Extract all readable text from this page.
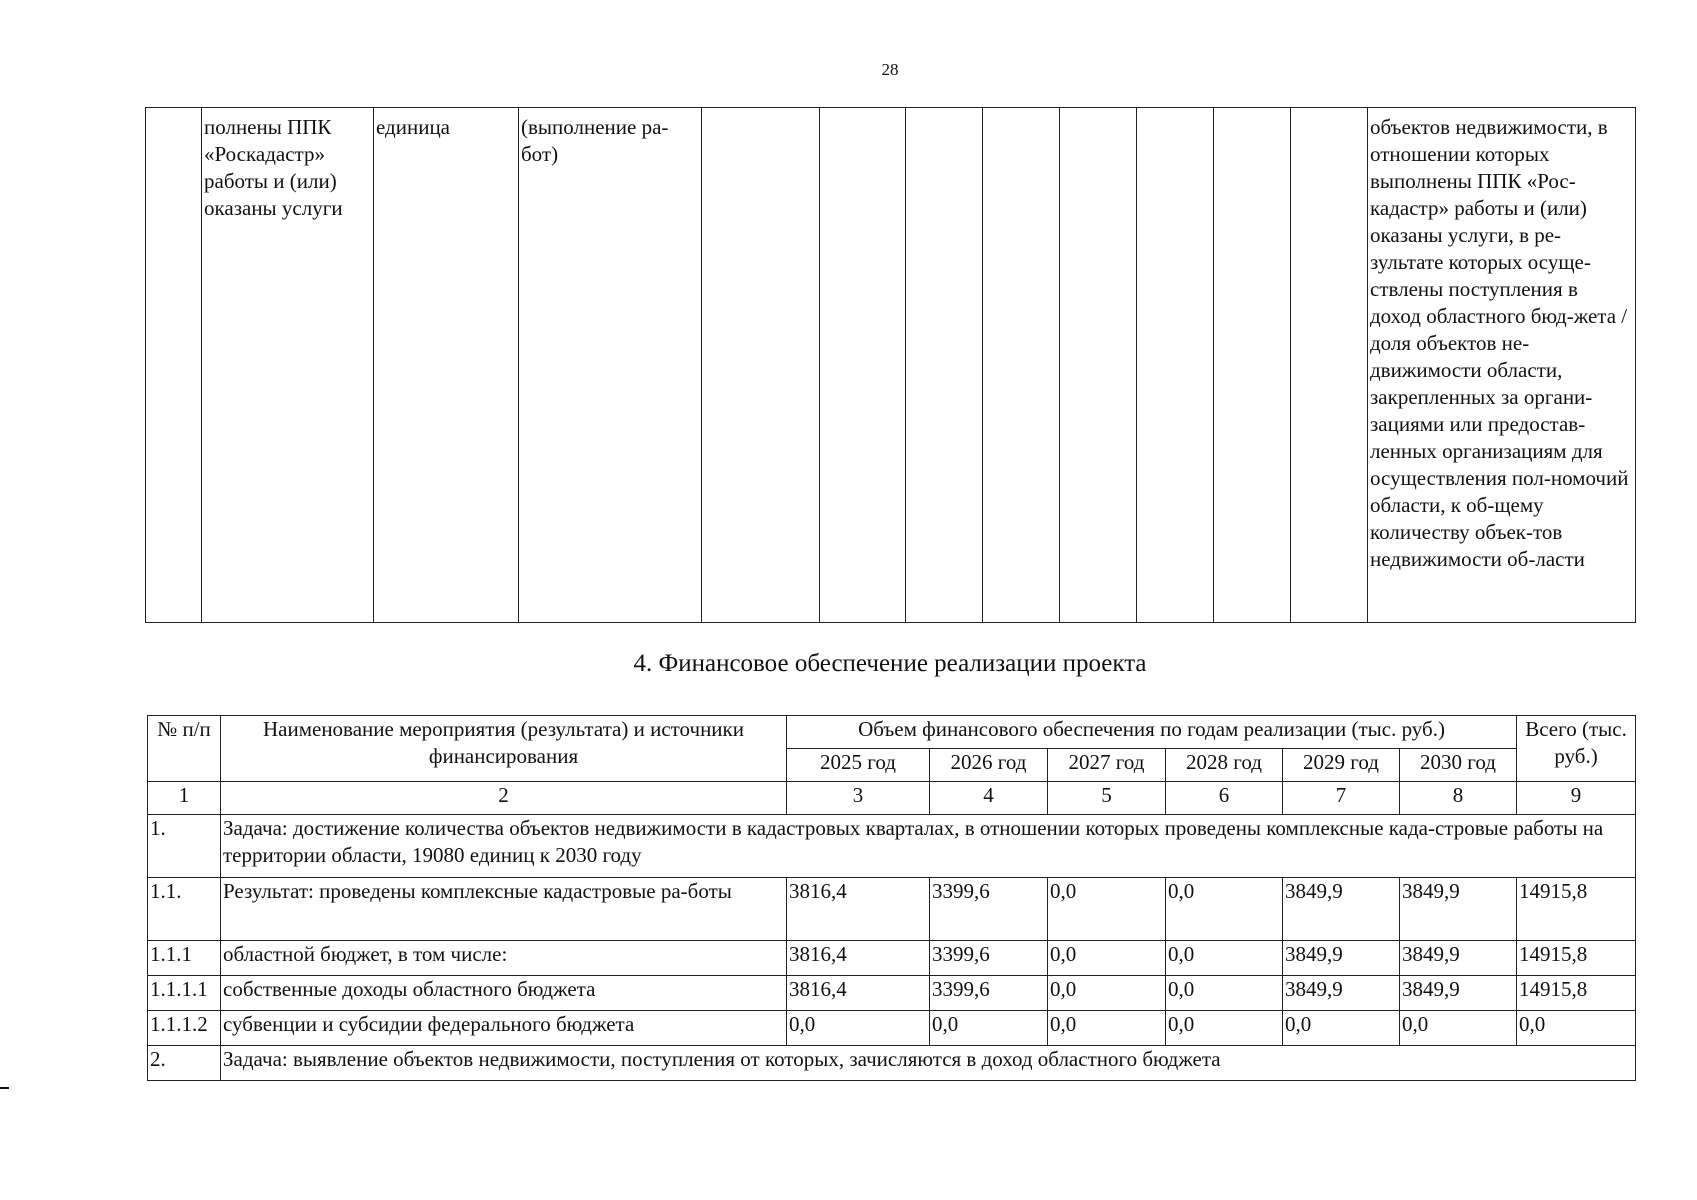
28
	полнены ППК «Роскадастр» работы и (или) оказаны услуги	единица	(выполнение ра-бот)									объектов недвижимости, в отношении которых выполнены ППК «Рос-кадастр» работы и (или) оказаны услуги, в ре-зультате которых осуще-ствлены поступления в доход областного бюд-жета / доля объектов не-движимости области, закрепленных за органи-зациями или предостав-ленных организациям для осуществления пол-номочий области, к об-щему количеству объек-тов недвижимости об-ласти
4. Финансовое обеспечение реализации проекта
№ п/п	Наименование мероприятия (результата) и источники финансирования	Объем финансового обеспечения по годам реализации (тыс. руб.)						Всего (тыс. руб.)
		2025 год	2026 год	2027 год	2028 год	2029 год	2030 год	
1	2	3	4	5	6	7	8	9
1.	Задача: достижение количества объектов недвижимости в кадастровых кварталах, в отношении которых проведены комплексные када-стровые работы на территории области, 19080 единиц к 2030 году							
1.1.	Результат: проведены комплексные кадастровые ра-боты	3816,4	3399,6	0,0	0,0	3849,9	3849,9	14915,8
1.1.1	областной бюджет, в том числе:	3816,4	3399,6	0,0	0,0	3849,9	3849,9	14915,8
1.1.1.1	собственные доходы областного бюджета	3816,4	3399,6	0,0	0,0	3849,9	3849,9	14915,8
1.1.1.2	субвенции и субсидии федерального бюджета	0,0	0,0	0,0	0,0	0,0	0,0	0,0
2.	Задача: выявление объектов недвижимости, поступления от которых, зачисляются в доход областного бюджета							
